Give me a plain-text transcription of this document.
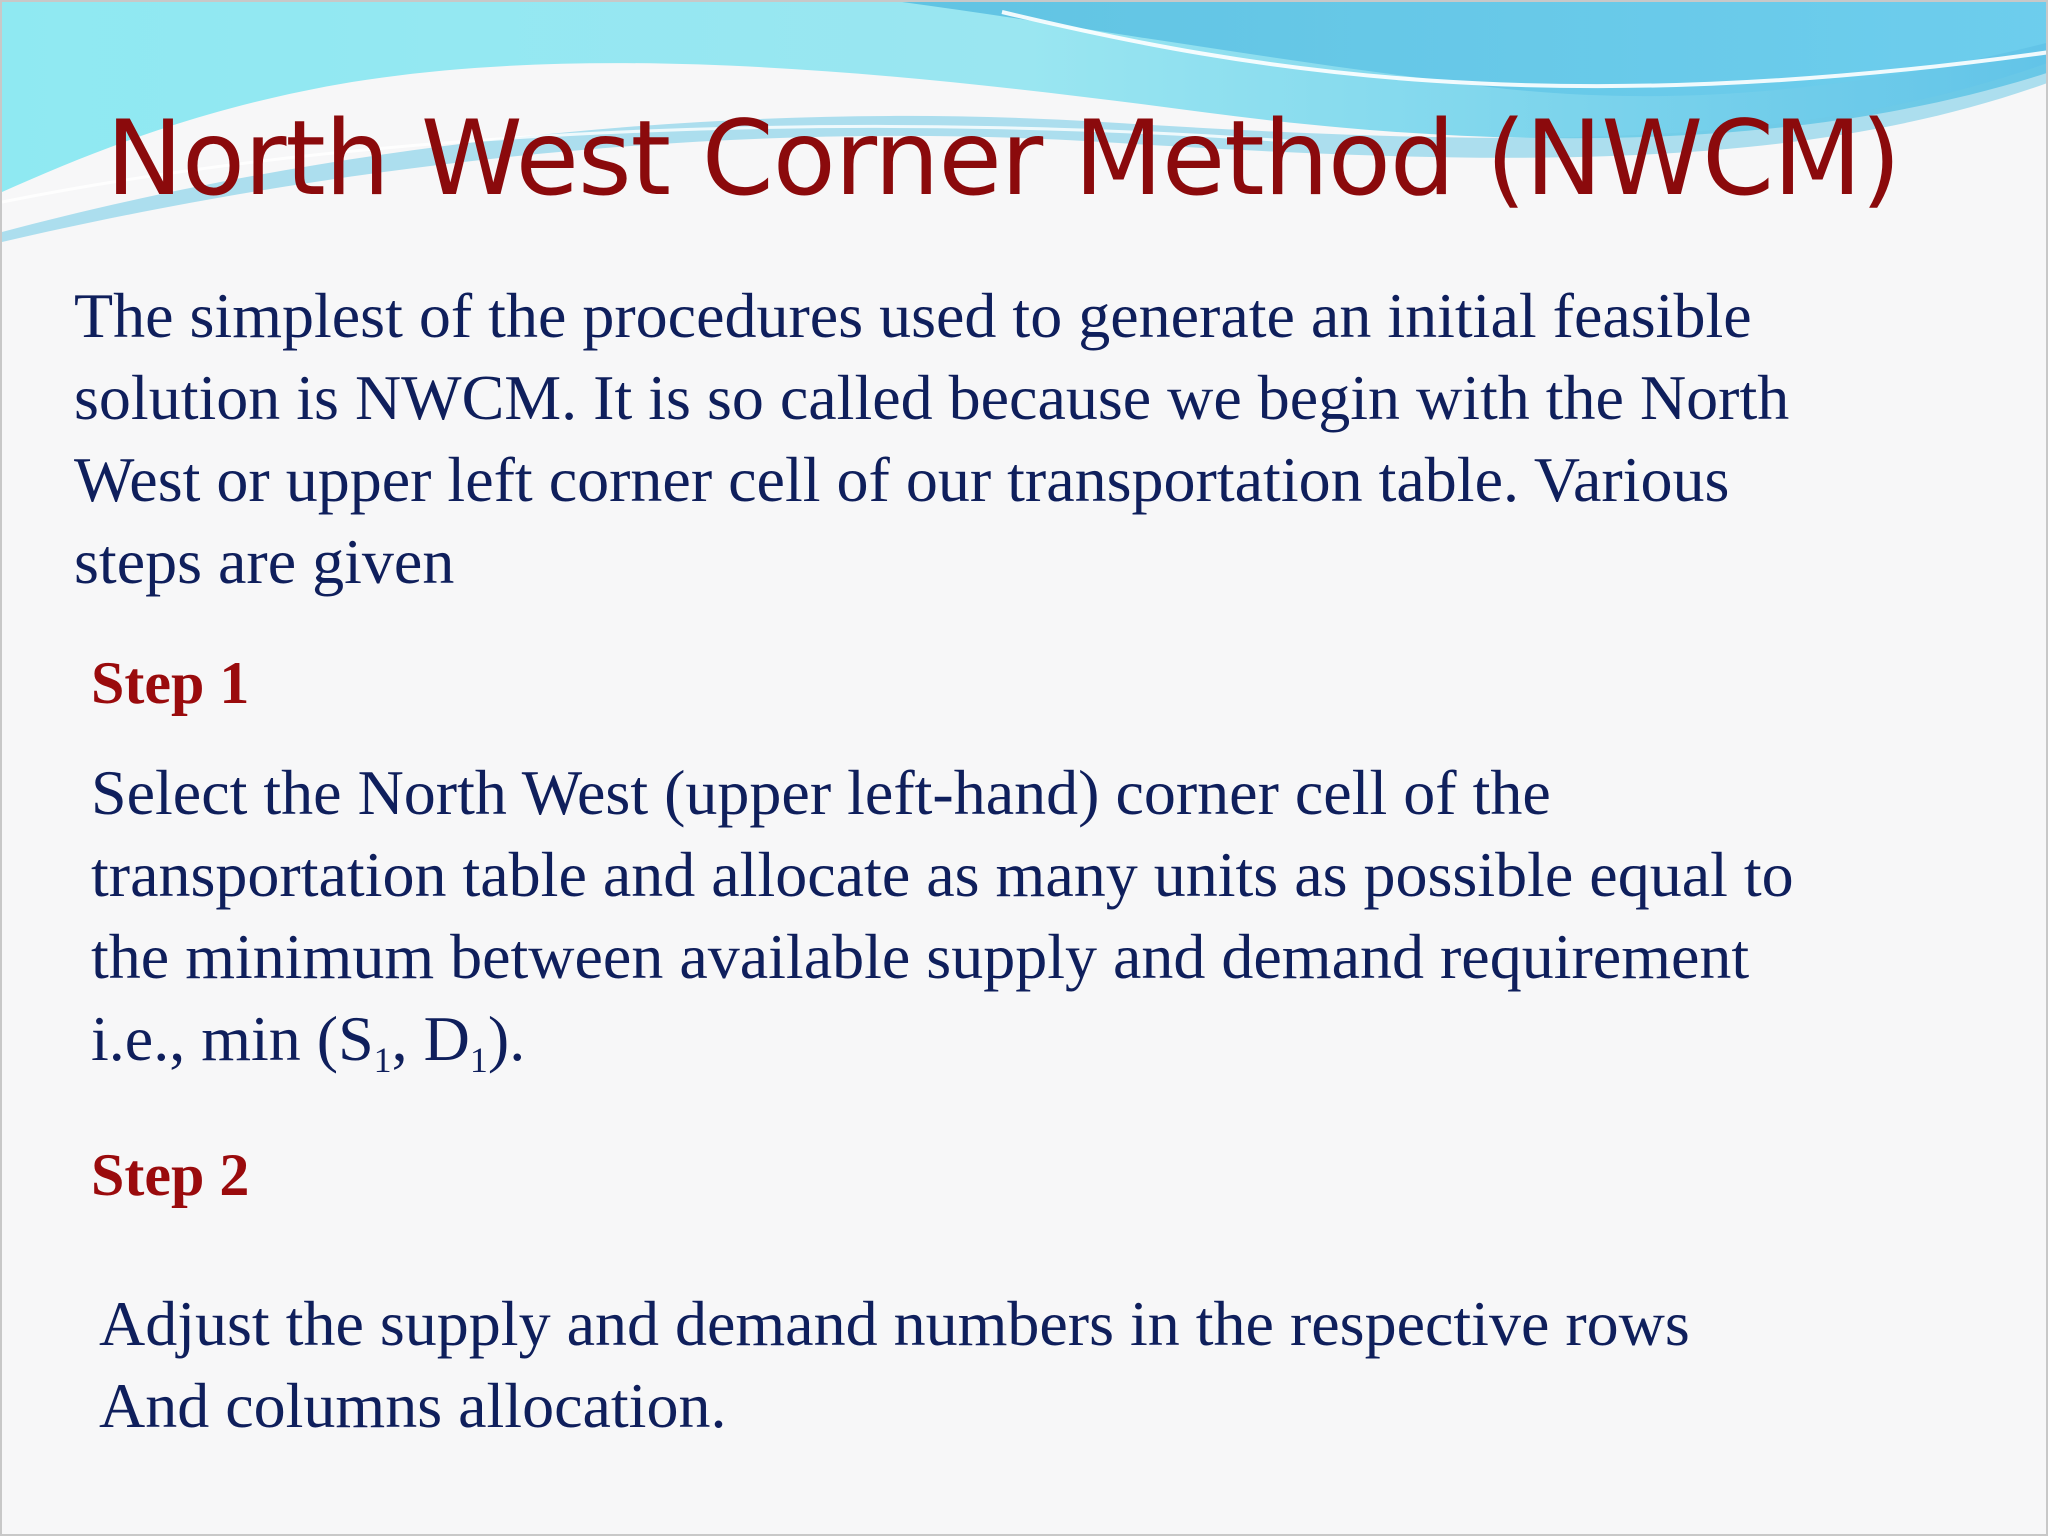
North West Corner Method (NWCM)

The simplest of the procedures used to generate an initial feasible
solution is NWCM. It is so called because we begin with the North
West or upper left corner cell of our transportation table. Various
steps are given

Step 1

Select the North West (upper left-hand) corner cell of the
transportation table and allocate as many units as possible equal to
the minimum between available supply and demand requirement
i.e., $\min (S_1$, $D_1$).

Step 2

Adjust the supply and demand numbers in the respective rows
And columns allocation.
